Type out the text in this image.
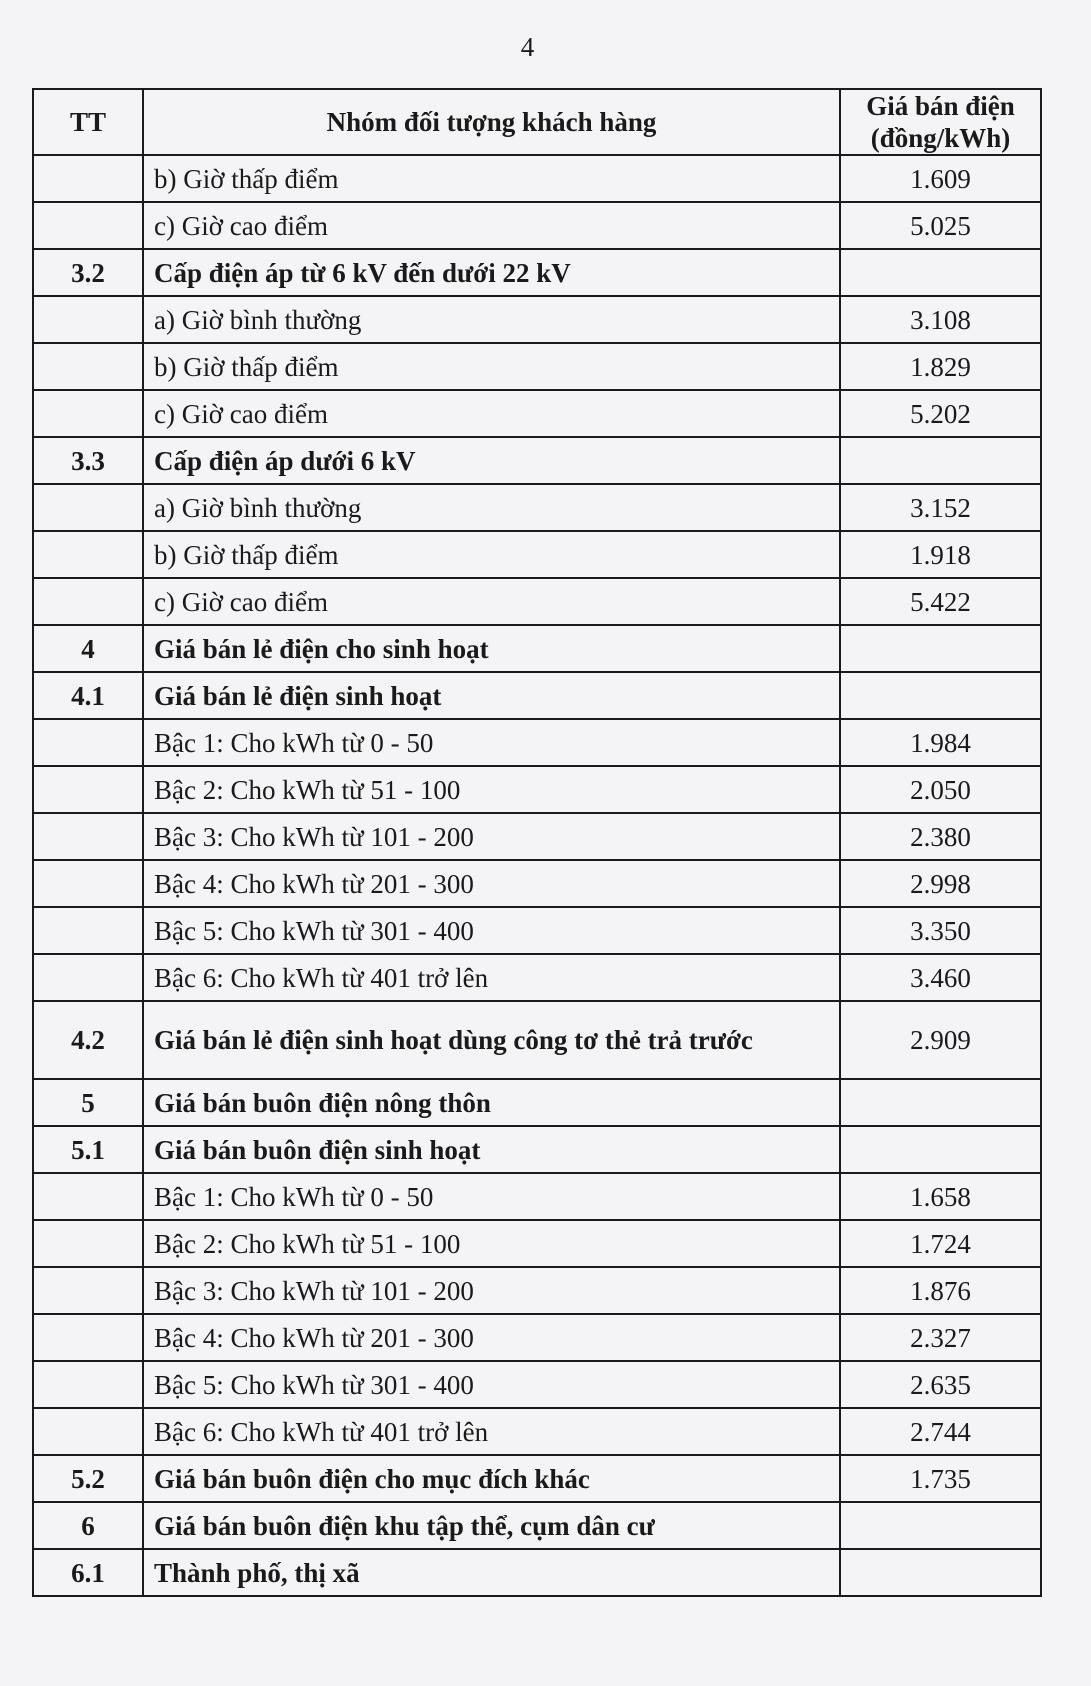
4
TT	Nhóm đối tượng khách hàng	Giá bán điện
(đồng/kWh)
	b) Giờ thấp điểm	1.609
	c) Giờ cao điểm	5.025
3.2	Cấp điện áp từ 6 kV đến dưới 22 kV	
	a) Giờ bình thường	3.108
	b) Giờ thấp điểm	1.829
	c) Giờ cao điểm	5.202
3.3	Cấp điện áp dưới 6 kV	
	a) Giờ bình thường	3.152
	b) Giờ thấp điểm	1.918
	c) Giờ cao điểm	5.422
4	Giá bán lẻ điện cho sinh hoạt	
4.1	Giá bán lẻ điện sinh hoạt	
	Bậc 1: Cho kWh từ 0 - 50	1.984
	Bậc 2: Cho kWh từ 51 - 100	2.050
	Bậc 3: Cho kWh từ 101 - 200	2.380
	Bậc 4: Cho kWh từ 201 - 300	2.998
	Bậc 5: Cho kWh từ 301 - 400	3.350
	Bậc 6: Cho kWh từ 401 trở lên	3.460
4.2	Giá bán lẻ điện sinh hoạt dùng công tơ thẻ trả trước	2.909
5	Giá bán buôn điện nông thôn	
5.1	Giá bán buôn điện sinh hoạt	
	Bậc 1: Cho kWh từ 0 - 50	1.658
	Bậc 2: Cho kWh từ 51 - 100	1.724
	Bậc 3: Cho kWh từ 101 - 200	1.876
	Bậc 4: Cho kWh từ 201 - 300	2.327
	Bậc 5: Cho kWh từ 301 - 400	2.635
	Bậc 6: Cho kWh từ 401 trở lên	2.744
5.2	Giá bán buôn điện cho mục đích khác	1.735
6	Giá bán buôn điện khu tập thể, cụm dân cư	
6.1	Thành phố, thị xã	
